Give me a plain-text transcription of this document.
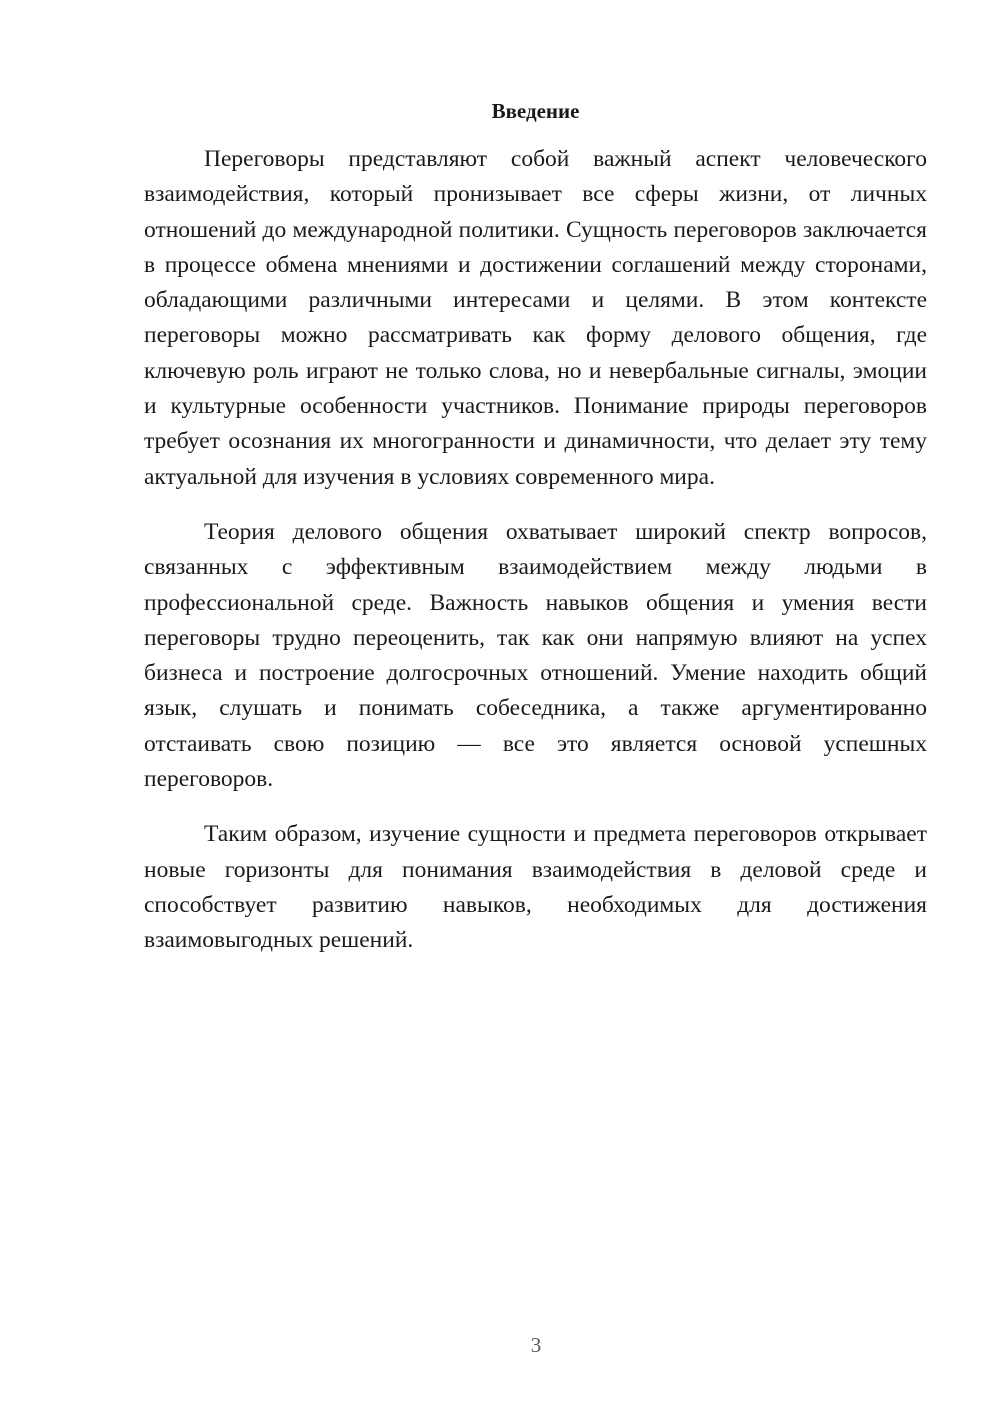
Введение

Переговоры представляют собой важный аспект человеческого взаимодействия, который пронизывает все сферы жизни, от личных отношений до международной политики. Сущность переговоров заключается в процессе обмена мнениями и достижении соглашений между сторонами, обладающими различными интересами и целями. В этом контексте переговоры можно рассматривать как форму делового общения, где ключевую роль играют не только слова, но и невербальные сигналы, эмоции и культурные особенности участников. Понимание природы переговоров требует осознания их многогранности и динамичности, что делает эту тему актуальной для изучения в условиях современного мира.

Теория делового общения охватывает широкий спектр вопросов, связанных с эффективным взаимодействием между людьми в профессиональной среде. Важность навыков общения и умения вести переговоры трудно переоценить, так как они напрямую влияют на успех бизнеса и построение долгосрочных отношений. Умение находить общий язык, слушать и понимать собеседника, а также аргументированно отстаивать свою позицию — все это является основой успешных переговоров.

Таким образом, изучение сущности и предмета переговоров открывает новые горизонты для понимания взаимодействия в деловой среде и способствует развитию навыков, необходимых для достижения взаимовыгодных решений.

3
